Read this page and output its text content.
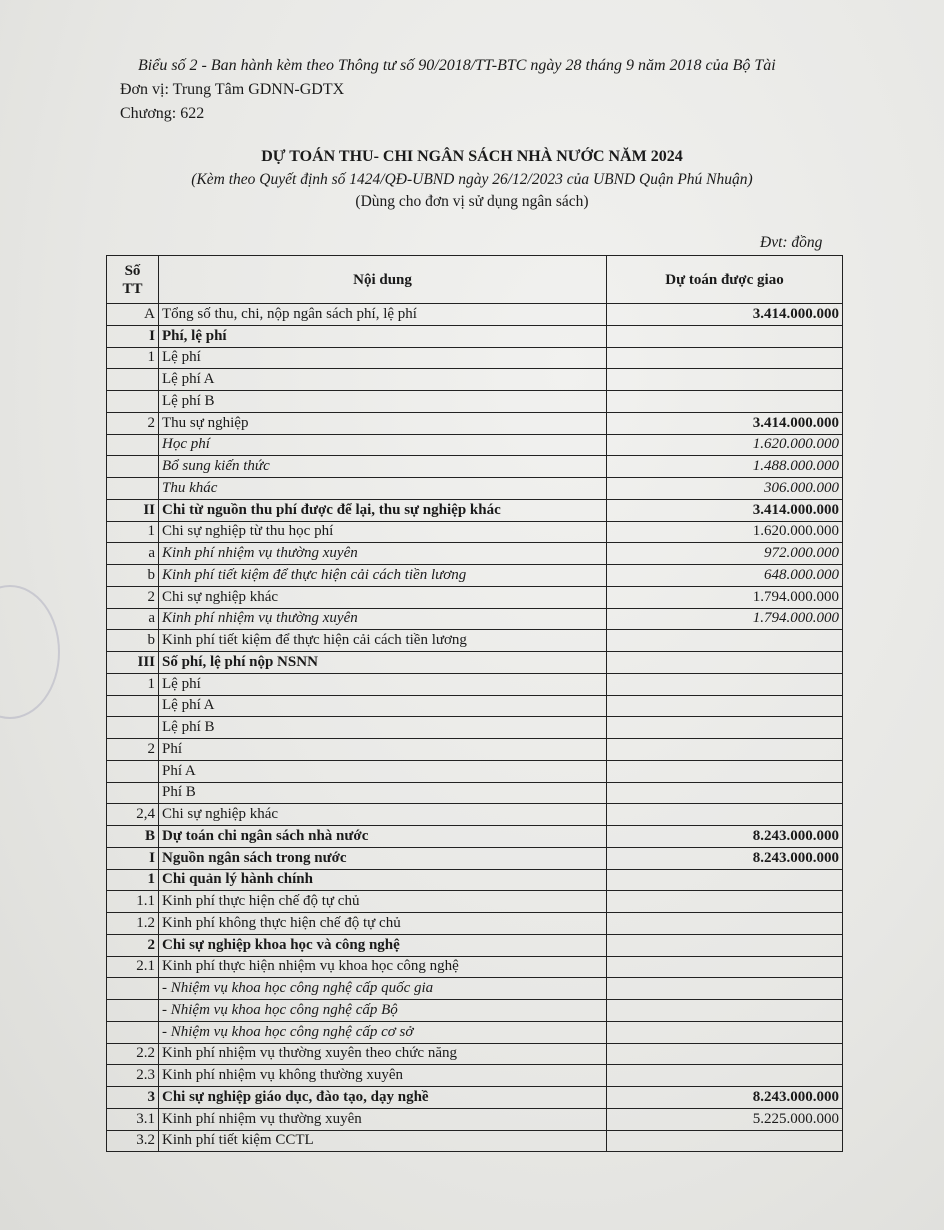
Biểu số 2 - Ban hành kèm theo Thông tư số 90/2018/TT-BTC ngày 28 tháng 9 năm 2018 của Bộ Tài
Đơn vị: Trung Tâm GDNN-GDTX
Chương: 622
DỰ TOÁN THU- CHI NGÂN SÁCH NHÀ NƯỚC NĂM 2024
(Kèm theo Quyết định số 1424/QĐ-UBND ngày 26/12/2023 của UBND Quận Phú Nhuận)
(Dùng cho đơn vị sử dụng ngân sách)
Đvt: đồng
Số TT	Nội dung	Dự toán được giao
A	Tổng số thu, chi, nộp ngân sách phí, lệ phí	3.414.000.000
I	Phí, lệ phí	
1	Lệ phí	
	Lệ phí A	
	Lệ phí B	
2	Thu sự nghiệp	3.414.000.000
	Học phí	1.620.000.000
	Bổ sung kiến thức	1.488.000.000
	Thu khác	306.000.000
II	Chi từ nguồn thu phí được để lại, thu sự nghiệp khác	3.414.000.000
1	Chi sự nghiệp từ thu học phí	1.620.000.000
a	Kinh phí nhiệm vụ thường xuyên	972.000.000
b	Kinh phí tiết kiệm để thực hiện cải cách tiền lương	648.000.000
2	Chi sự nghiệp khác	1.794.000.000
a	Kinh phí nhiệm vụ thường xuyên	1.794.000.000
b	Kinh phí tiết kiệm để thực hiện cải cách tiền lương	
III	Số phí, lệ phí nộp NSNN	
1	Lệ phí	
	Lệ phí A	
	Lệ phí B	
2	Phí	
	Phí A	
	Phí B	
2,4	Chi sự nghiệp khác	
B	Dự toán chi ngân sách nhà nước	8.243.000.000
I	Nguồn ngân sách trong nước	8.243.000.000
1	Chi quản lý hành chính	
1.1	Kinh phí thực hiện chế độ tự chủ	
1.2	Kinh phí không thực hiện chế độ tự chủ	
2	Chi sự nghiệp khoa học và công nghệ	
2.1	Kinh phí thực hiện nhiệm vụ khoa học công nghệ	
	- Nhiệm vụ khoa học công nghệ cấp quốc gia	
	- Nhiệm vụ khoa học công nghệ cấp Bộ	
	- Nhiệm vụ khoa học công nghệ cấp cơ sở	
2.2	Kinh phí nhiệm vụ thường xuyên theo chức năng	
2.3	Kinh phí nhiệm vụ không thường xuyên	
3	Chi sự nghiệp giáo dục, đào tạo, dạy nghề	8.243.000.000
3.1	Kinh phí nhiệm vụ thường xuyên	5.225.000.000
3.2	Kinh phí tiết kiệm CCTL	
